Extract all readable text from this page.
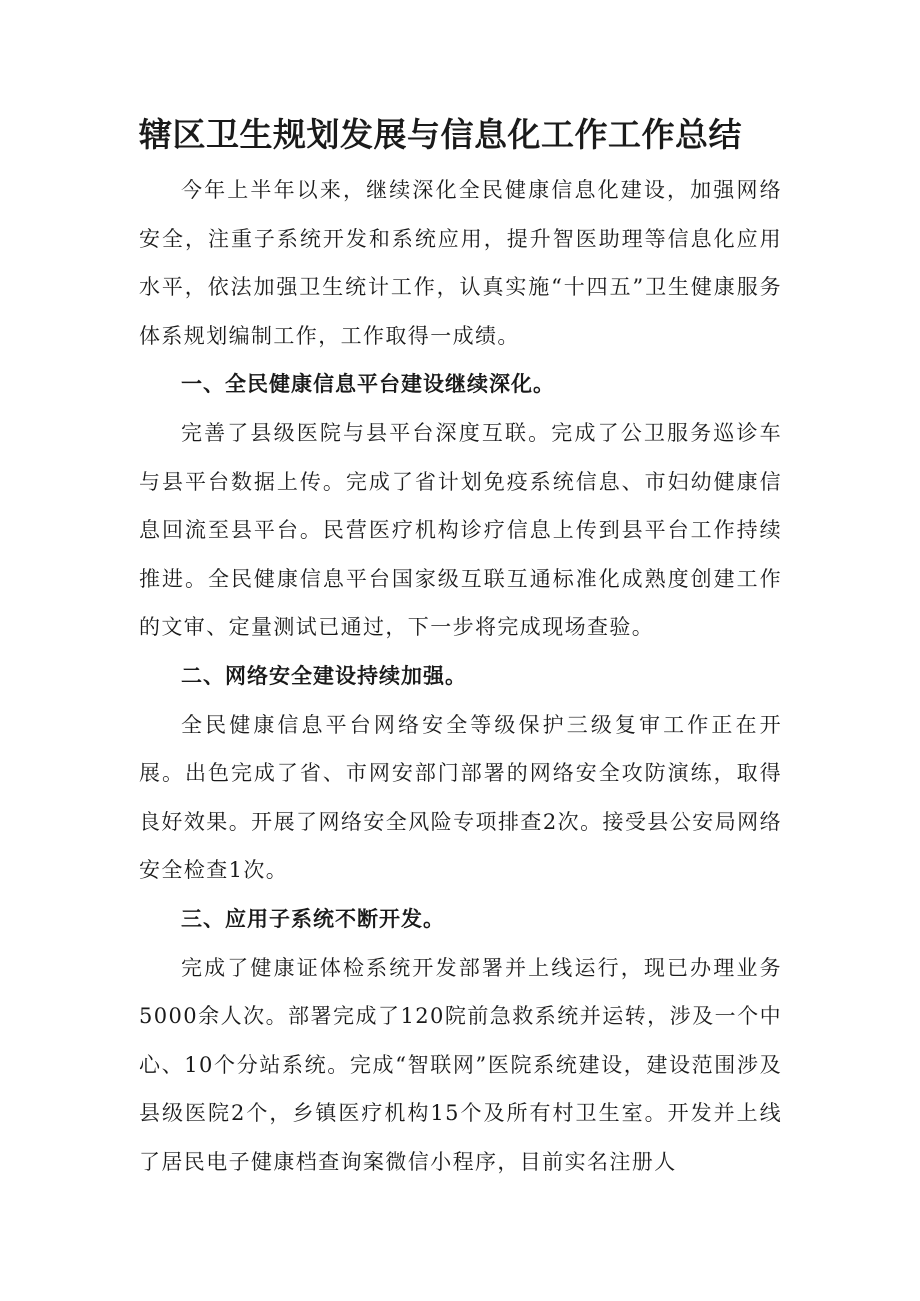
辖区卫生规划发展与信息化工作工作总结

今年上半年以来，继续深化全民健康信息化建设，加强网络安全，注重子系统开发和系统应用，提升智医助理等信息化应用水平，依法加强卫生统计工作，认真实施“十四五”卫生健康服务体系规划编制工作，工作取得一成绩。

一、全民健康信息平台建设继续深化。

完善了县级医院与县平台深度互联。完成了公卫服务巡诊车与县平台数据上传。完成了省计划免疫系统信息、市妇幼健康信息回流至县平台。民营医疗机构诊疗信息上传到县平台工作持续推进。全民健康信息平台国家级互联互通标准化成熟度创建工作的文审、定量测试已通过，下一步将完成现场查验。

二、网络安全建设持续加强。

全民健康信息平台网络安全等级保护三级复审工作正在开展。出色完成了省、市网安部门部署的网络安全攻防演练，取得良好效果。开展了网络安全风险专项排查2次。接受县公安局网络安全检查1次。

三、应用子系统不断开发。

完成了健康证体检系统开发部署并上线运行，现已办理业务5000余人次。部署完成了120院前急救系统并运转，涉及一个中心、10个分站系统。完成“智联网”医院系统建设，建设范围涉及县级医院2个，乡镇医疗机构15个及所有村卫生室。开发并上线了居民电子健康档查询案微信小程序，目前实名注册人
